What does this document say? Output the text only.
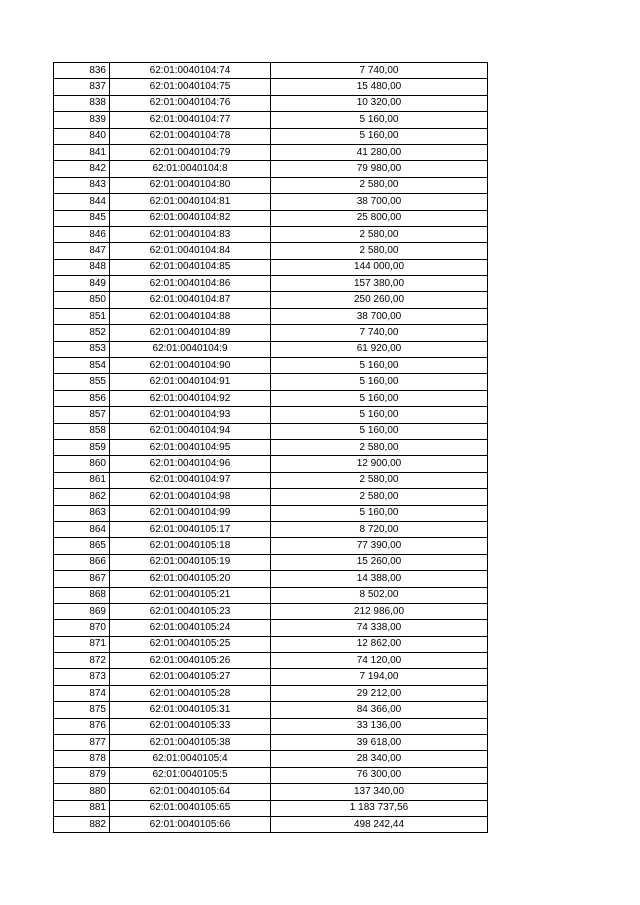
836	62:01:0040104:74	7 740,00
837	62:01:0040104:75	15 480,00
838	62:01:0040104:76	10 320,00
839	62:01:0040104:77	5 160,00
840	62:01:0040104:78	5 160,00
841	62:01:0040104:79	41 280,00
842	62:01:0040104:8	79 980,00
843	62:01:0040104:80	2 580,00
844	62:01:0040104:81	38 700,00
845	62:01:0040104:82	25 800,00
846	62:01:0040104:83	2 580,00
847	62:01:0040104:84	2 580,00
848	62:01:0040104:85	144 000,00
849	62:01:0040104:86	157 380,00
850	62:01:0040104:87	250 260,00
851	62:01:0040104:88	38 700,00
852	62:01:0040104:89	7 740,00
853	62:01:0040104:9	61 920,00
854	62:01:0040104:90	5 160,00
855	62:01:0040104:91	5 160,00
856	62:01:0040104:92	5 160,00
857	62:01:0040104:93	5 160,00
858	62:01:0040104:94	5 160,00
859	62:01:0040104:95	2 580,00
860	62:01:0040104:96	12 900,00
861	62:01:0040104:97	2 580,00
862	62:01:0040104:98	2 580,00
863	62:01:0040104:99	5 160,00
864	62:01:0040105:17	8 720,00
865	62:01:0040105:18	77 390,00
866	62:01:0040105:19	15 260,00
867	62:01:0040105:20	14 388,00
868	62:01:0040105:21	8 502,00
869	62:01:0040105:23	212 986,00
870	62:01:0040105:24	74 338,00
871	62:01:0040105:25	12 862,00
872	62:01:0040105:26	74 120,00
873	62:01:0040105:27	7 194,00
874	62:01:0040105:28	29 212,00
875	62:01:0040105:31	84 366,00
876	62:01:0040105:33	33 136,00
877	62:01:0040105:38	39 618,00
878	62:01:0040105:4	28 340,00
879	62:01:0040105:5	76 300,00
880	62:01:0040105:64	137 340,00
881	62:01:0040105:65	1 183 737,56
882	62:01:0040105:66	498 242,44
